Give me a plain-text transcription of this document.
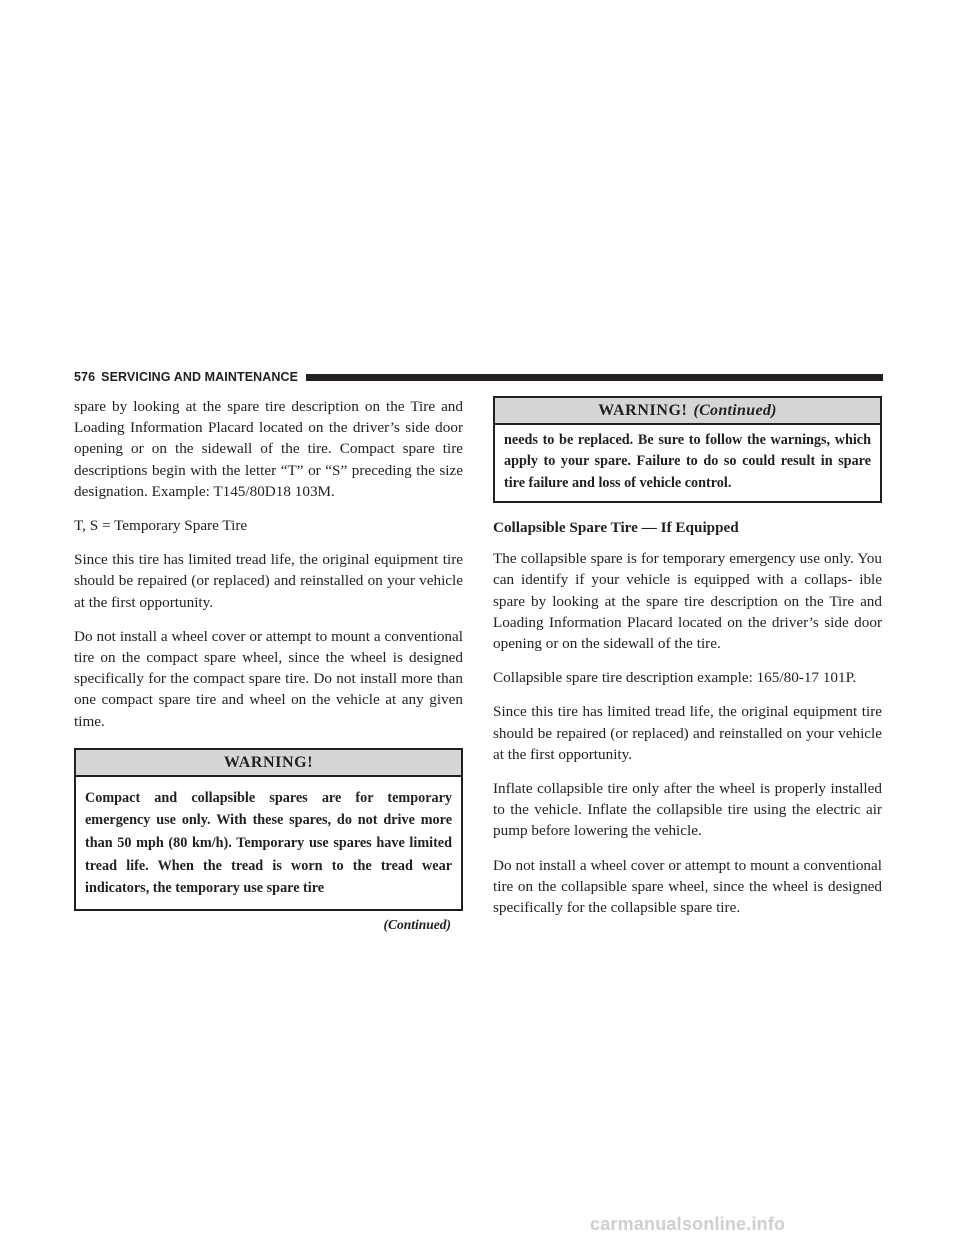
576 SERVICING AND MAINTENANCE

spare by looking at the spare tire description on the Tire and Loading Information Placard located on the driver’s side door opening or on the sidewall of the tire. Compact spare tire descriptions begin with the letter “T” or “S” preceding the size designation. Example: T145/80D18 103M.

T, S = Temporary Spare Tire

Since this tire has limited tread life, the original equipment tire should be repaired (or replaced) and reinstalled on your vehicle at the first opportunity.

Do not install a wheel cover or attempt to mount a conventional tire on the compact spare wheel, since the wheel is designed specifically for the compact spare tire. Do not install more than one compact spare tire and wheel on the vehicle at any given time.

WARNING!
Compact and collapsible spares are for temporary emergency use only. With these spares, do not drive more than 50 mph (80 km/h). Temporary use spares have limited tread life. When the tread is worn to the tread wear indicators, the temporary use spare tire
(Continued)
WARNING! (Continued)
needs to be replaced. Be sure to follow the warnings, which apply to your spare. Failure to do so could result in spare tire failure and loss of vehicle control.
Collapsible Spare Tire — If Equipped

The collapsible spare is for temporary emergency use only. You can identify if your vehicle is equipped with a collaps- ible spare by looking at the spare tire description on the Tire and Loading Information Placard located on the driver’s side door opening or on the sidewall of the tire.

Collapsible spare tire description example: 165/80-17 101P.

Since this tire has limited tread life, the original equipment tire should be repaired (or replaced) and reinstalled on your vehicle at the first opportunity.

Inflate collapsible tire only after the wheel is properly installed to the vehicle. Inflate the collapsible tire using the electric air pump before lowering the vehicle.

Do not install a wheel cover or attempt to mount a conventional tire on the collapsible spare wheel, since the wheel is designed specifically for the collapsible spare tire.

carmanualsonline.info
